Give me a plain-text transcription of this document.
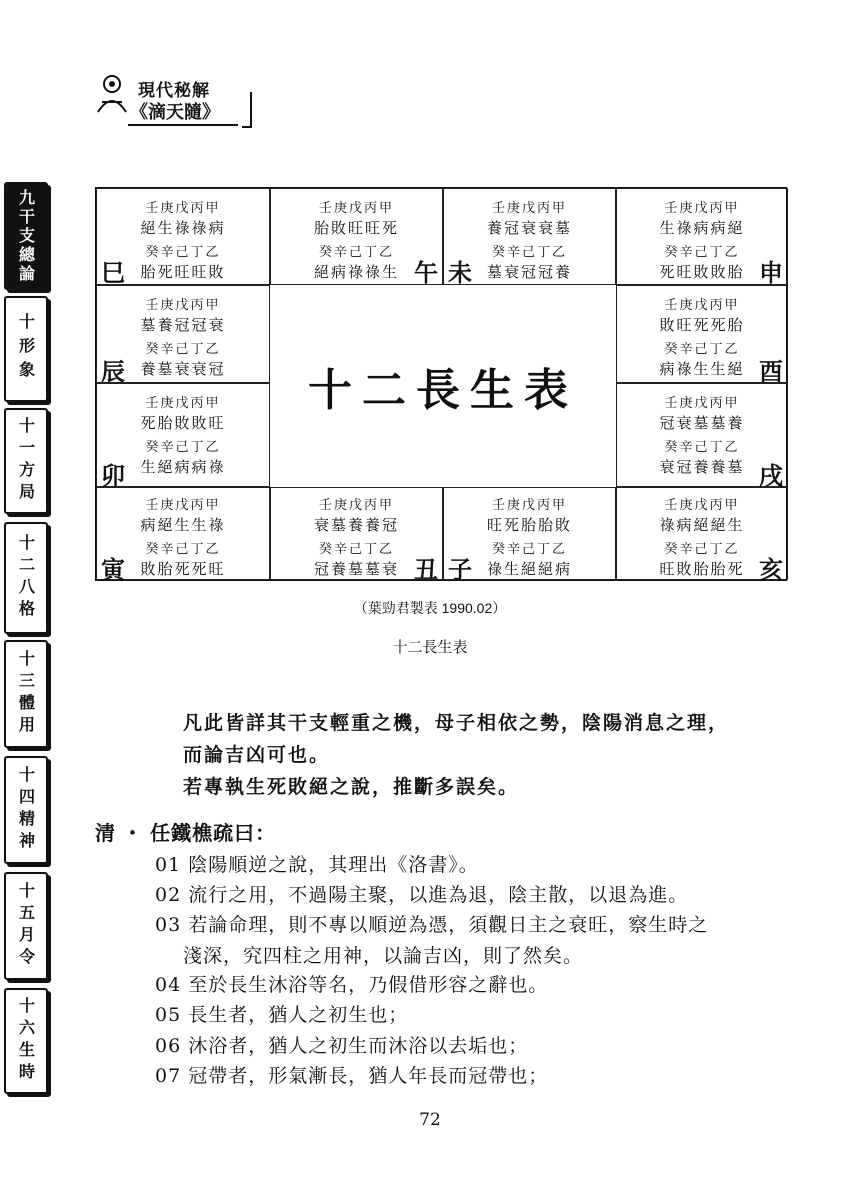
現代秘解
《滴天隨》
九干支總論
十形象
十一方局
十二八格
十三體用
十四精神
十五月令
十六生時
壬庚戊丙甲
絕生祿祿病
癸辛己丁乙
胎死旺旺敗
巳
壬庚戊丙甲
胎敗旺旺死
癸辛己丁乙
絕病祿祿生 午
壬庚戊丙甲
養冠衰衰墓
癸辛己丁乙
墓衰冠冠養
未
壬庚戊丙甲
生祿病病絕
癸辛己丁乙
死旺敗敗胎 申
壬庚戊丙甲
墓養冠冠衰
癸辛己丁乙
養墓衰衰冠
辰
壬庚戊丙甲
敗旺死死胎
癸辛己丁乙
病祿生生絕 酉
壬庚戊丙甲
死胎敗敗旺
癸辛己丁乙
生絕病病祿
卯
壬庚戊丙甲
冠衰墓墓養
癸辛己丁乙
衰冠養養墓 戌
十二長生表
壬庚戊丙甲
病絕生生祿
癸辛己丁乙
敗胎死死旺
寅
壬庚戊丙甲
衰墓養養冠
癸辛己丁乙
冠養墓墓衰 丑
壬庚戊丙甲
旺死胎胎敗
癸辛己丁乙
祿生絕絕病
子
壬庚戊丙甲
祿病絕絕生
癸辛己丁乙
旺敗胎胎死 亥
（葉勁君製表 1990.02）
十二長生表
凡此皆詳其干支輕重之機，母子相依之勢，陰陽消息之理，
而論吉凶可也。
若專執生死敗絕之說，推斷多誤矣。
清 ・ 任鐵樵疏曰：
01 陰陽順逆之說，其理出《洛書》。
02 流行之用，不過陽主聚，以進為退，陰主散，以退為進。
03 若論命理，則不專以順逆為憑，須觀日主之衰旺，察生時之
淺深，究四柱之用神，以論吉凶，則了然矣。
04 至於長生沐浴等名，乃假借形容之辭也。
05 長生者，猶人之初生也；
06 沐浴者，猶人之初生而沐浴以去垢也；
07 冠帶者，形氣漸長，猶人年長而冠帶也；
72
